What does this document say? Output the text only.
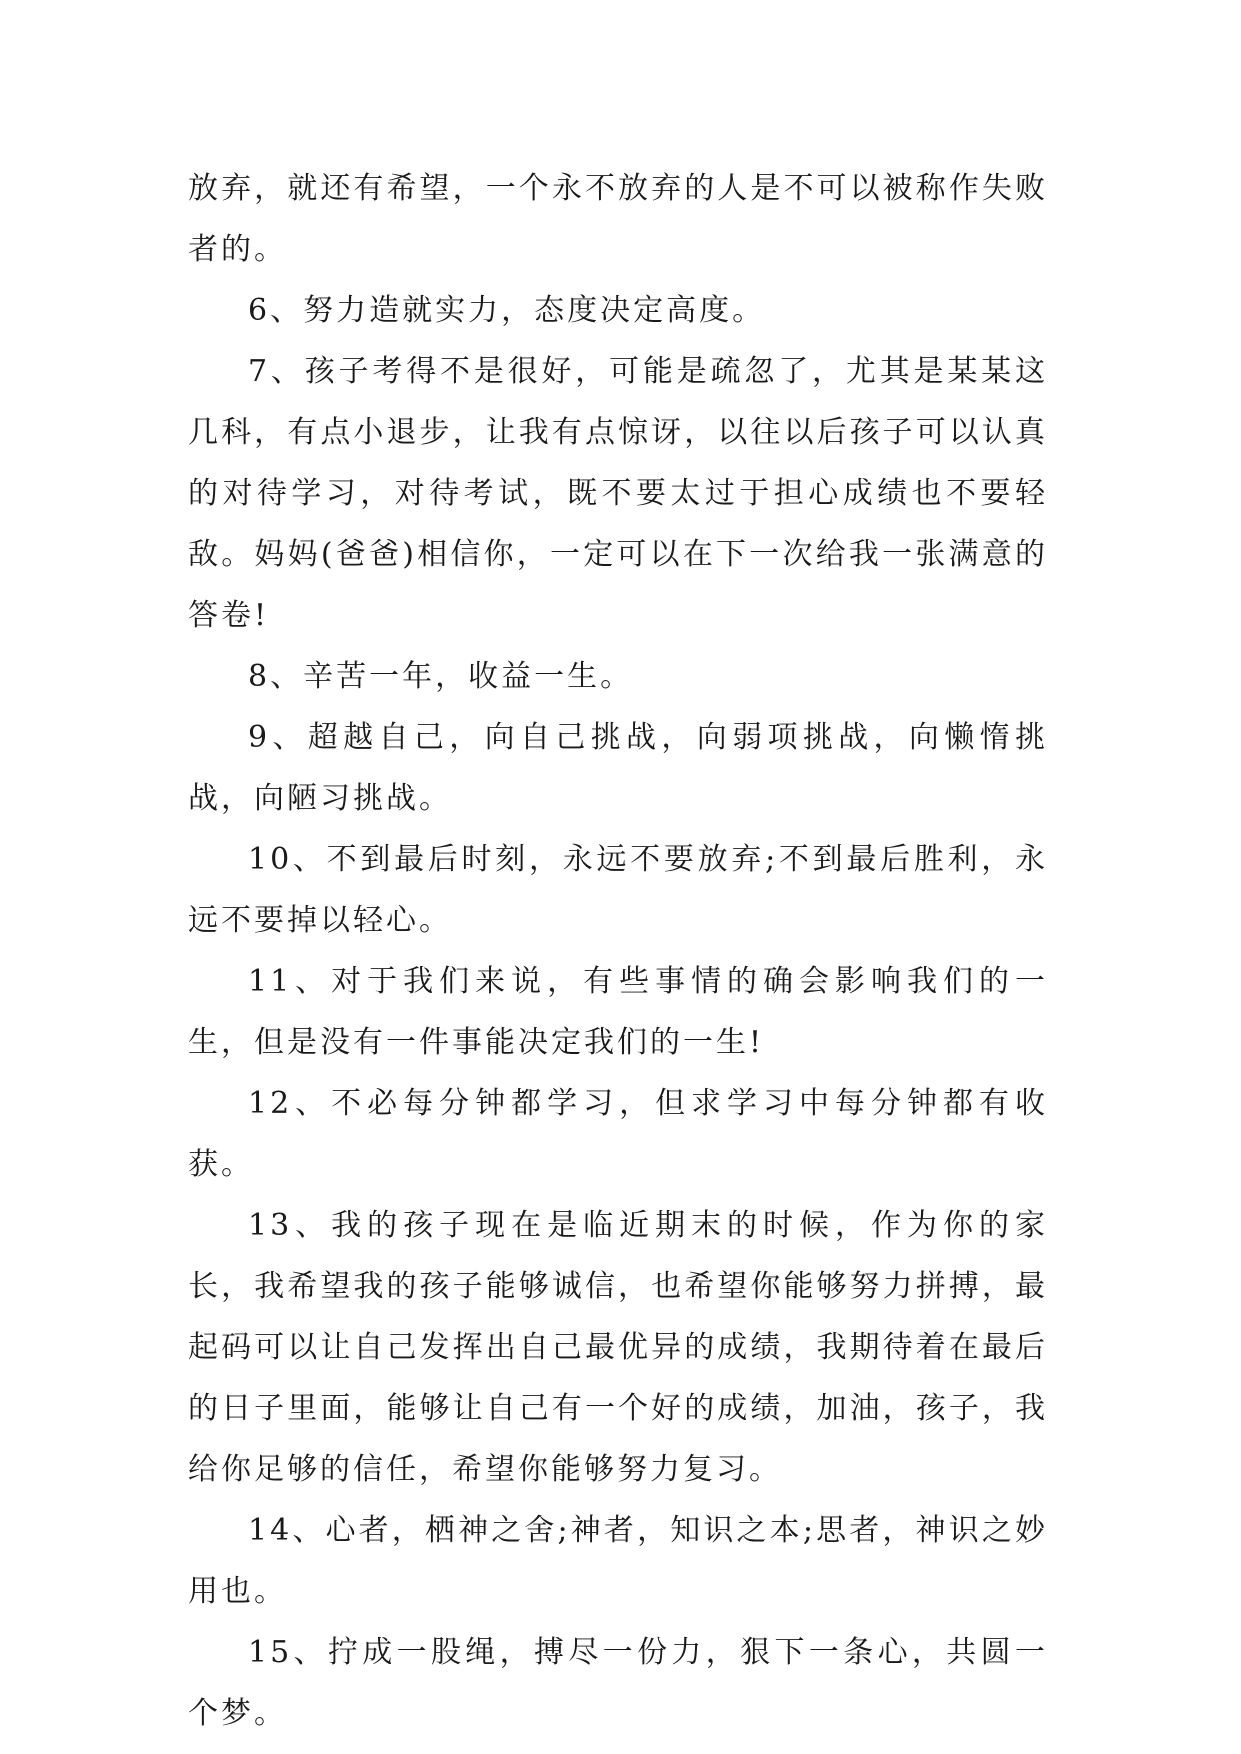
放弃，就还有希望，一个永不放弃的人是不可以被称作失败者的。

6、努力造就实力，态度决定高度。

7、孩子考得不是很好，可能是疏忽了，尤其是某某这几科，有点小退步，让我有点惊讶，以往以后孩子可以认真的对待学习，对待考试，既不要太过于担心成绩也不要轻敌。妈妈(爸爸)相信你，一定可以在下一次给我一张满意的答卷!

8、辛苦一年，收益一生。

9、超越自己，向自己挑战，向弱项挑战，向懒惰挑战，向陋习挑战。

10、不到最后时刻，永远不要放弃;不到最后胜利，永远不要掉以轻心。

11、对于我们来说，有些事情的确会影响我们的一生，但是没有一件事能决定我们的一生!

12、不必每分钟都学习，但求学习中每分钟都有收获。

13、我的孩子现在是临近期末的时候，作为你的家长，我希望我的孩子能够诚信，也希望你能够努力拼搏，最起码可以让自己发挥出自己最优异的成绩，我期待着在最后的日子里面，能够让自己有一个好的成绩，加油，孩子，我给你足够的信任，希望你能够努力复习。

14、心者，栖神之舍;神者，知识之本;思者，神识之妙用也。

15、拧成一股绳，搏尽一份力，狠下一条心，共圆一个梦。
